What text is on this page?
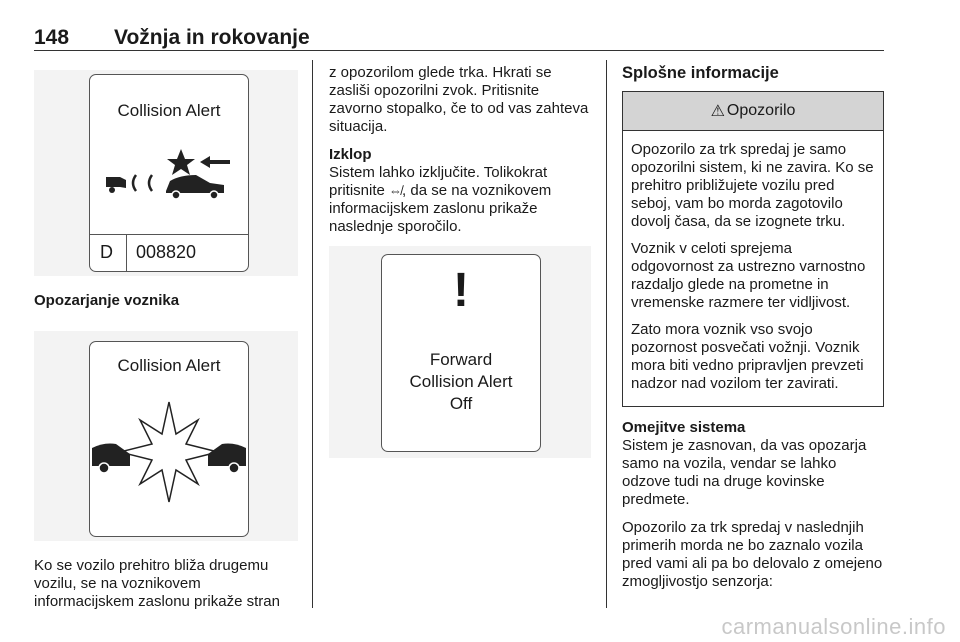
148 Vožnja in rokovanje
Collision Alert
D 008820
Opozarjanje voznika
Collision Alert

Ko se vozilo prehitro bliža drugemu vozilu, se na voznikovem informacijskem zaslonu prikaže stran

z opozorilom glede trka. Hkrati se zasliši opozorilni zvok. Pritisnite zavorno stopalko, če to od vas zahteva situacija.

Izklop

Sistem lahko izključite. Tolikokrat pritisnite ⇎, da se na voznikovem informacijskem zaslonu prikaže naslednje sporočilo.

!
Forward
Collision Alert
Off
Splošne informacije
⚠ Opozorilo

Opozorilo za trk spredaj je samo opozorilni sistem, ki ne zavira. Ko se prehitro približujete vozilu pred seboj, vam bo morda zagotovilo dovolj časa, da se izognete trku.

Voznik v celoti sprejema odgovornost za ustrezno varnostno razdaljo glede na prometne in vremenske razmere ter vidljivost.

Zato mora voznik vso svojo pozornost posvečati vožnji. Voznik mora biti vedno pripravljen prevzeti nadzor nad vozilom ter zavirati.

Omejitve sistema

Sistem je zasnovan, da vas opozarja samo na vozila, vendar se lahko odzove tudi na druge kovinske predmete.

Opozorilo za trk spredaj v naslednjih primerih morda ne bo zaznalo vozila pred vami ali pa bo delovalo z omejeno zmogljivostjo senzorja:

carmanualsonline.info
